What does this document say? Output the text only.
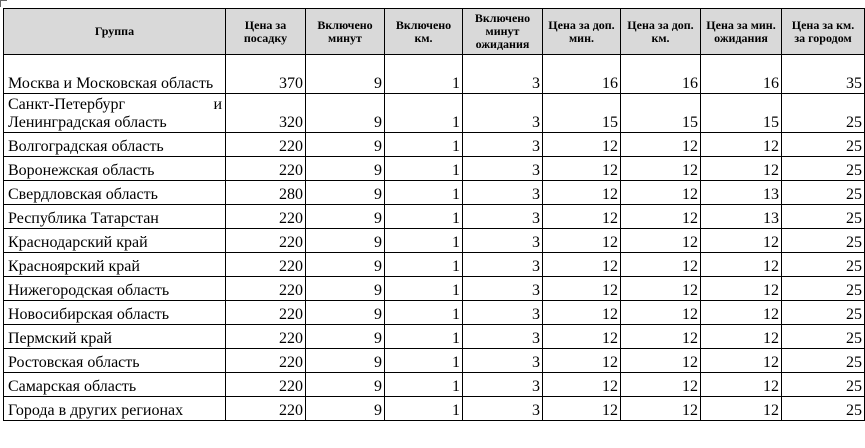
Группа	Цена за посадку	Включено минут	Включено км.	Включено минут ожидания	Цена за доп. мин.	Цена за доп. км.	Цена за мин. ожидания	Цена за км. за городом
Москва и Московская область	370	9	1	3	16	16	16	35
Санкт-Петербург и Ленинградская область	320	9	1	3	15	15	15	25
Волгоградская область	220	9	1	3	12	12	12	25
Воронежская область	220	9	1	3	12	12	12	25
Свердловская область	280	9	1	3	12	12	13	25
Республика Татарстан	220	9	1	3	12	12	13	25
Краснодарский край	220	9	1	3	12	12	12	25
Красноярский край	220	9	1	3	12	12	12	25
Нижегородская область	220	9	1	3	12	12	12	25
Новосибирская область	220	9	1	3	12	12	12	25
Пермский край	220	9	1	3	12	12	12	25
Ростовская область	220	9	1	3	12	12	12	25
Самарская область	220	9	1	3	12	12	12	25
Города в других регионах	220	9	1	3	12	12	12	25
